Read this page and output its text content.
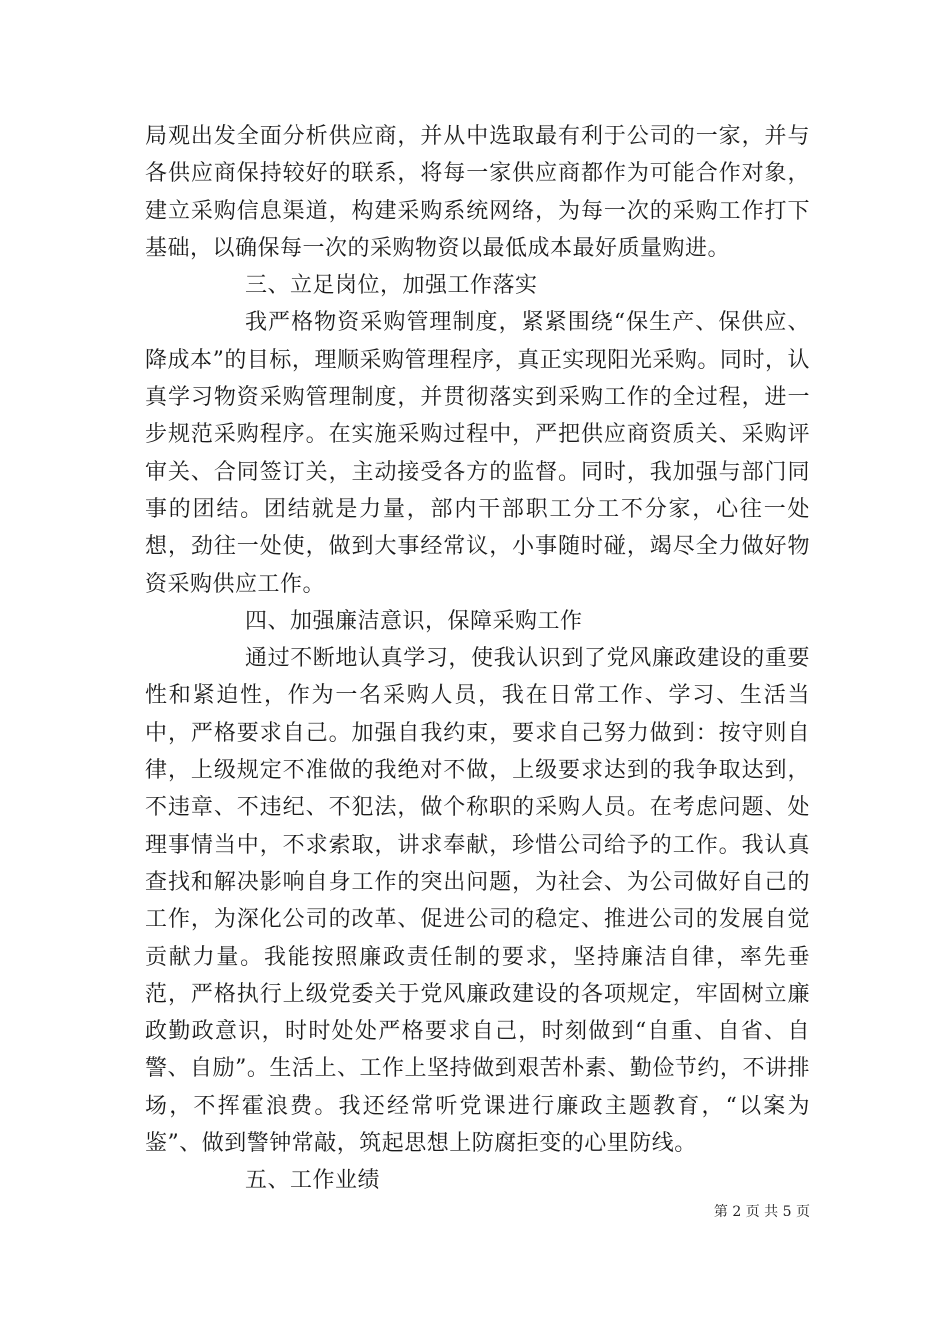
局观出发全面分析供应商，并从中选取最有利于公司的一家，并与各供应商保持较好的联系，将每一家供应商都作为可能合作对象，建立采购信息渠道，构建采购系统网络，为每一次的采购工作打下基础，以确保每一次的采购物资以最低成本最好质量购进。

三、立足岗位，加强工作落实

我严格物资采购管理制度，紧紧围绕“保生产、保供应、降成本”的目标，理顺采购管理程序，真正实现阳光采购。同时，认真学习物资采购管理制度，并贯彻落实到采购工作的全过程，进一步规范采购程序。在实施采购过程中，严把供应商资质关、采购评审关、合同签订关，主动接受各方的监督。同时，我加强与部门同事的团结。团结就是力量，部内干部职工分工不分家，心往一处想，劲往一处使，做到大事经常议，小事随时碰，竭尽全力做好物资采购供应工作。

四、加强廉洁意识，保障采购工作

通过不断地认真学习，使我认识到了党风廉政建设的重要性和紧迫性，作为一名采购人员，我在日常工作、学习、生活当中，严格要求自己。加强自我约束，要求自己努力做到：按守则自律，上级规定不准做的我绝对不做，上级要求达到的我争取达到，不违章、不违纪、不犯法，做个称职的采购人员。在考虑问题、处理事情当中，不求索取，讲求奉献，珍惜公司给予的工作。我认真查找和解决影响自身工作的突出问题，为社会、为公司做好自己的工作，为深化公司的改革、促进公司的稳定、推进公司的发展自觉贡献力量。我能按照廉政责任制的要求，坚持廉洁自律，率先垂范，严格执行上级党委关于党风廉政建设的各项规定，牢固树立廉政勤政意识，时时处处严格要求自己，时刻做到“自重、自省、自警、自励”。生活上、工作上坚持做到艰苦朴素、勤俭节约，不讲排场，不挥霍浪费。我还经常听党课进行廉政主题教育，“以案为鉴”、做到警钟常敲，筑起思想上防腐拒变的心里防线。

五、工作业绩

第 2 页 共 5 页
